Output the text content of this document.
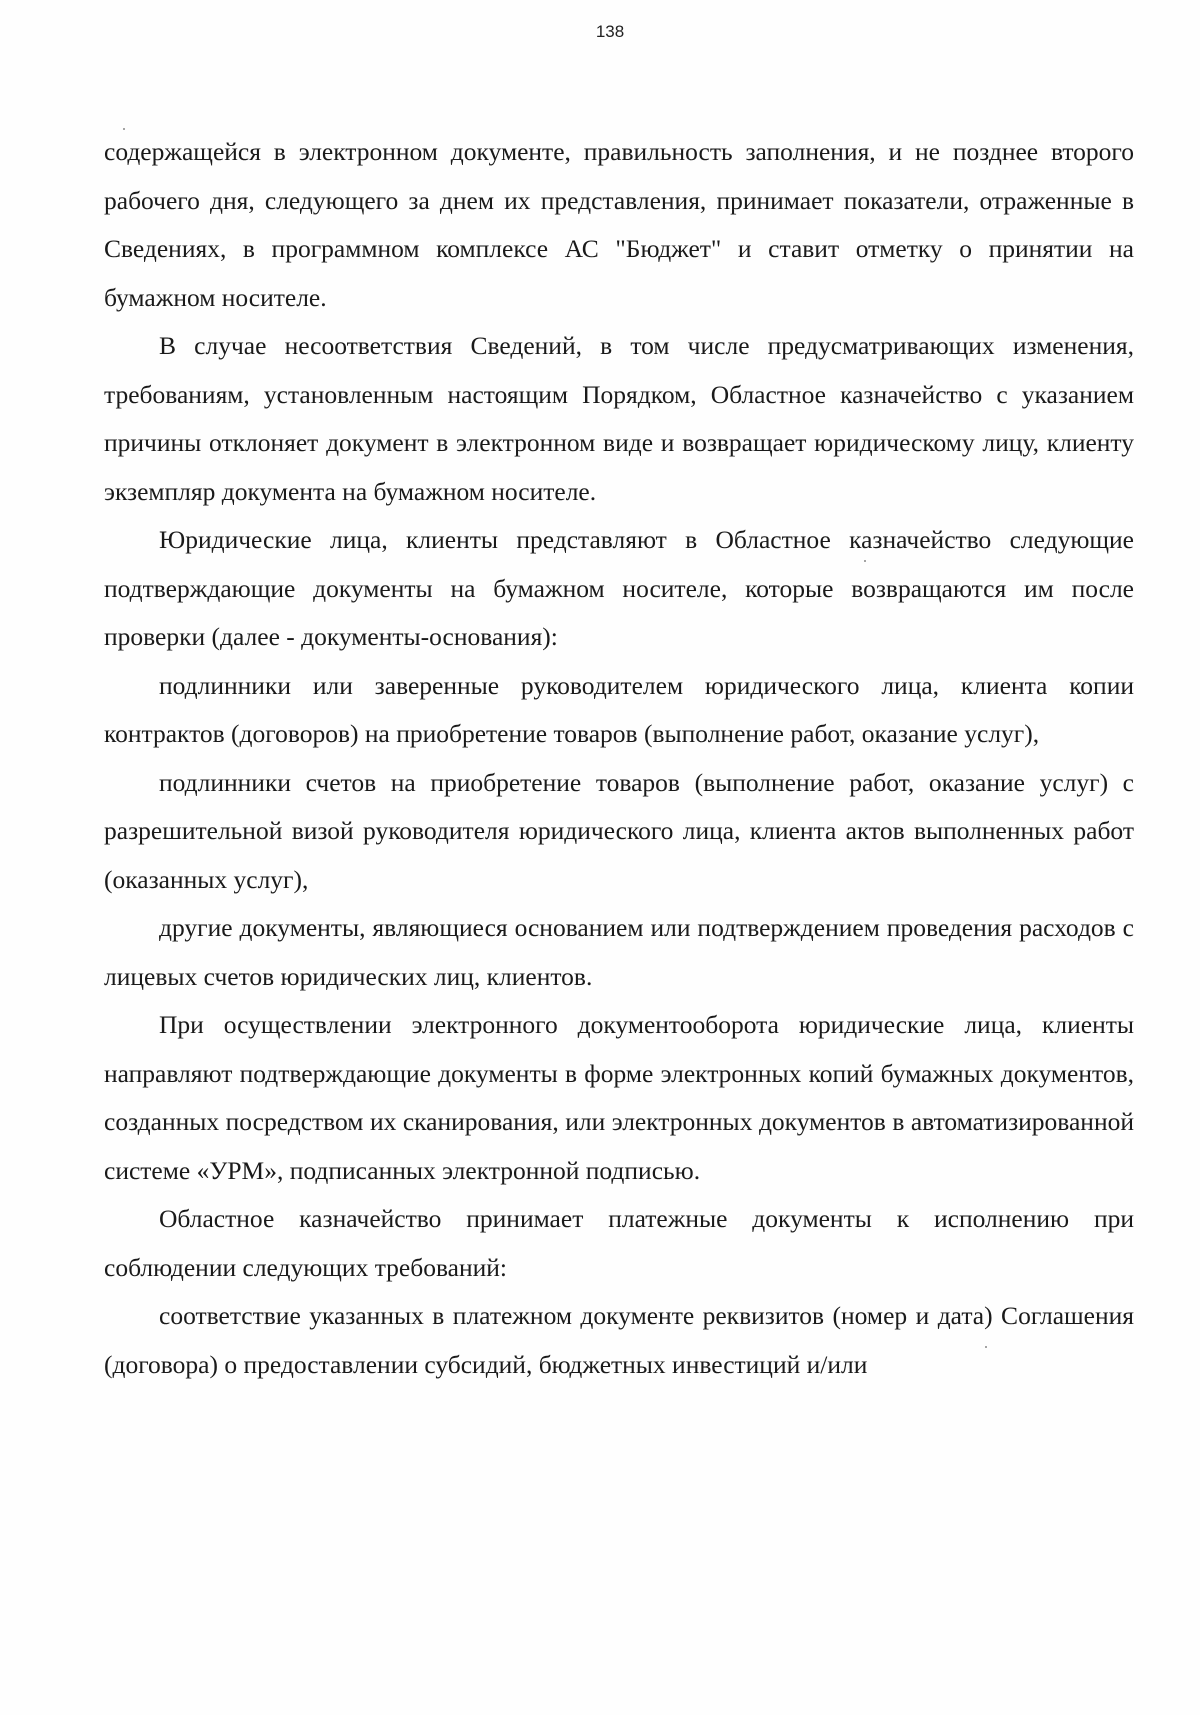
138

содержащейся в электронном документе, правильность заполнения, и не позднее второго рабочего дня, следующего за днем их представления, принимает показатели, отраженные в Сведениях, в программном комплексе АС "Бюджет" и ставит отметку о принятии на бумажном носителе.

В случае несоответствия Сведений, в том числе предусматривающих изменения, требованиям, установленным настоящим Порядком, Областное казначейство с указанием причины отклоняет документ в электронном виде и возвращает юридическому лицу, клиенту экземпляр документа на бумажном носителе.

Юридические лица, клиенты представляют в Областное казначейство следующие подтверждающие документы на бумажном носителе, которые возвращаются им после проверки (далее - документы-основания):

подлинники или заверенные руководителем юридического лица, клиента копии контрактов (договоров) на приобретение товаров (выполнение работ, оказание услуг),

подлинники счетов на приобретение товаров (выполнение работ, оказание услуг) с разрешительной визой руководителя юридического лица, клиента актов выполненных работ (оказанных услуг),

другие документы, являющиеся основанием или подтверждением проведения расходов с лицевых счетов юридических лиц, клиентов.

При осуществлении электронного документооборота юридические лица, клиенты направляют подтверждающие документы в форме электронных копий бумажных документов, созданных посредством их сканирования, или электронных документов в автоматизированной системе «УРМ», подписанных электронной подписью.

Областное казначейство принимает платежные документы к исполнению при соблюдении следующих требований:

соответствие указанных в платежном документе реквизитов (номер и дата) Соглашения (договора) о предоставлении субсидий, бюджетных инвестиций и/или
